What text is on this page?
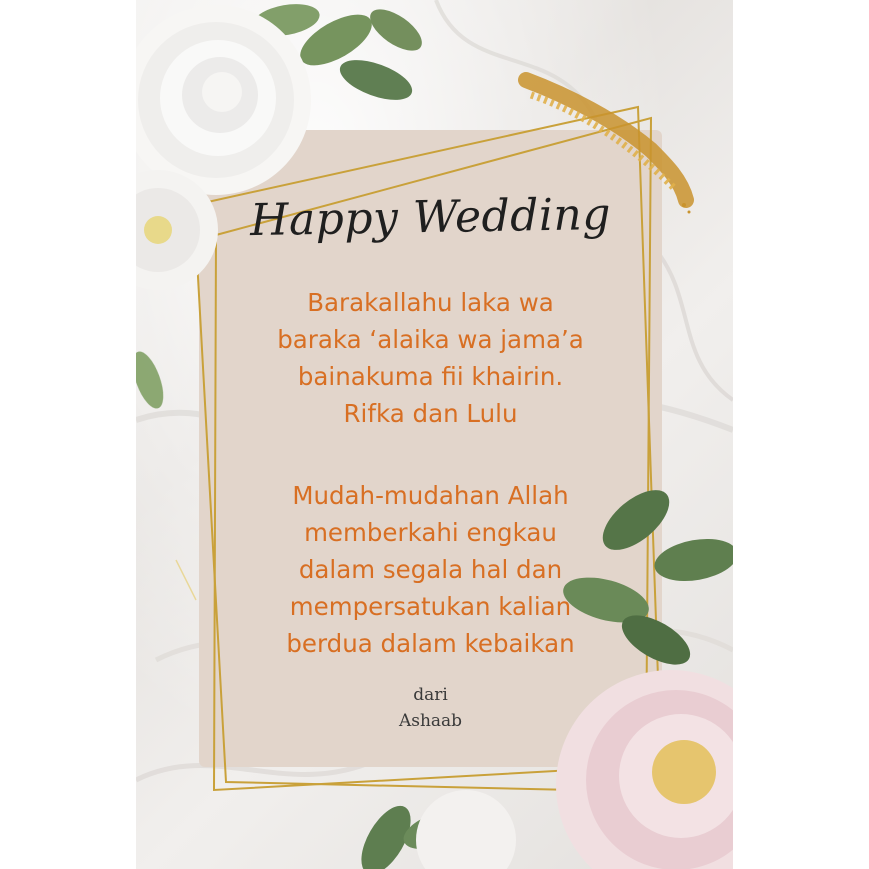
Happy Wedding
Barakallahu laka wa
baraka ‘alaika wa jama’a
bainakuma fii khairin.
Rifka dan Lulu
Mudah-mudahan Allah
memberkahi engkau
dalam segala hal dan
mempersatukan kalian
berdua dalam kebaikan
dari
Ashaab
